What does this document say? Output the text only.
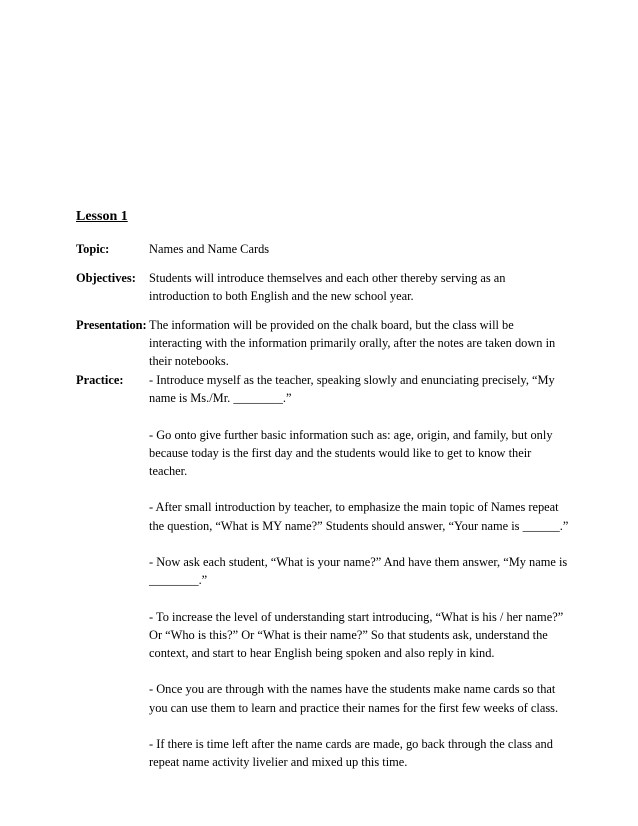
Lesson 1
Topic:	Names and Name Cards
Objectives: Students will introduce themselves and each other thereby serving as an introduction to both English and the new school year.
Presentation: The information will be provided on the chalk board, but the class will be interacting with the information primarily orally, after the notes are taken down in their notebooks.
Practice: - Introduce myself as the teacher, speaking slowly and enunciating precisely, “My name is Ms./Mr. ________.”

- Go onto give further basic information such as: age, origin, and family, but only because today is the first day and the students would like to get to know their teacher.

- After small introduction by teacher, to emphasize the main topic of Names repeat the question, “What is MY name?” Students should answer, “Your name is ______.”

- Now ask each student, “What is your name?” And have them answer, “My name is ________.”

- To increase the level of understanding start introducing, “What is his / her name?” Or “Who is this?” Or “What is their name?” So that students ask, understand the context, and start to hear English being spoken and also reply in kind.

- Once you are through with the names have the students make name cards so that you can use them to learn and practice their names for the first few weeks of class.

- If there is time left after the name cards are made, go back through the class and repeat name activity livelier and mixed up this time.
